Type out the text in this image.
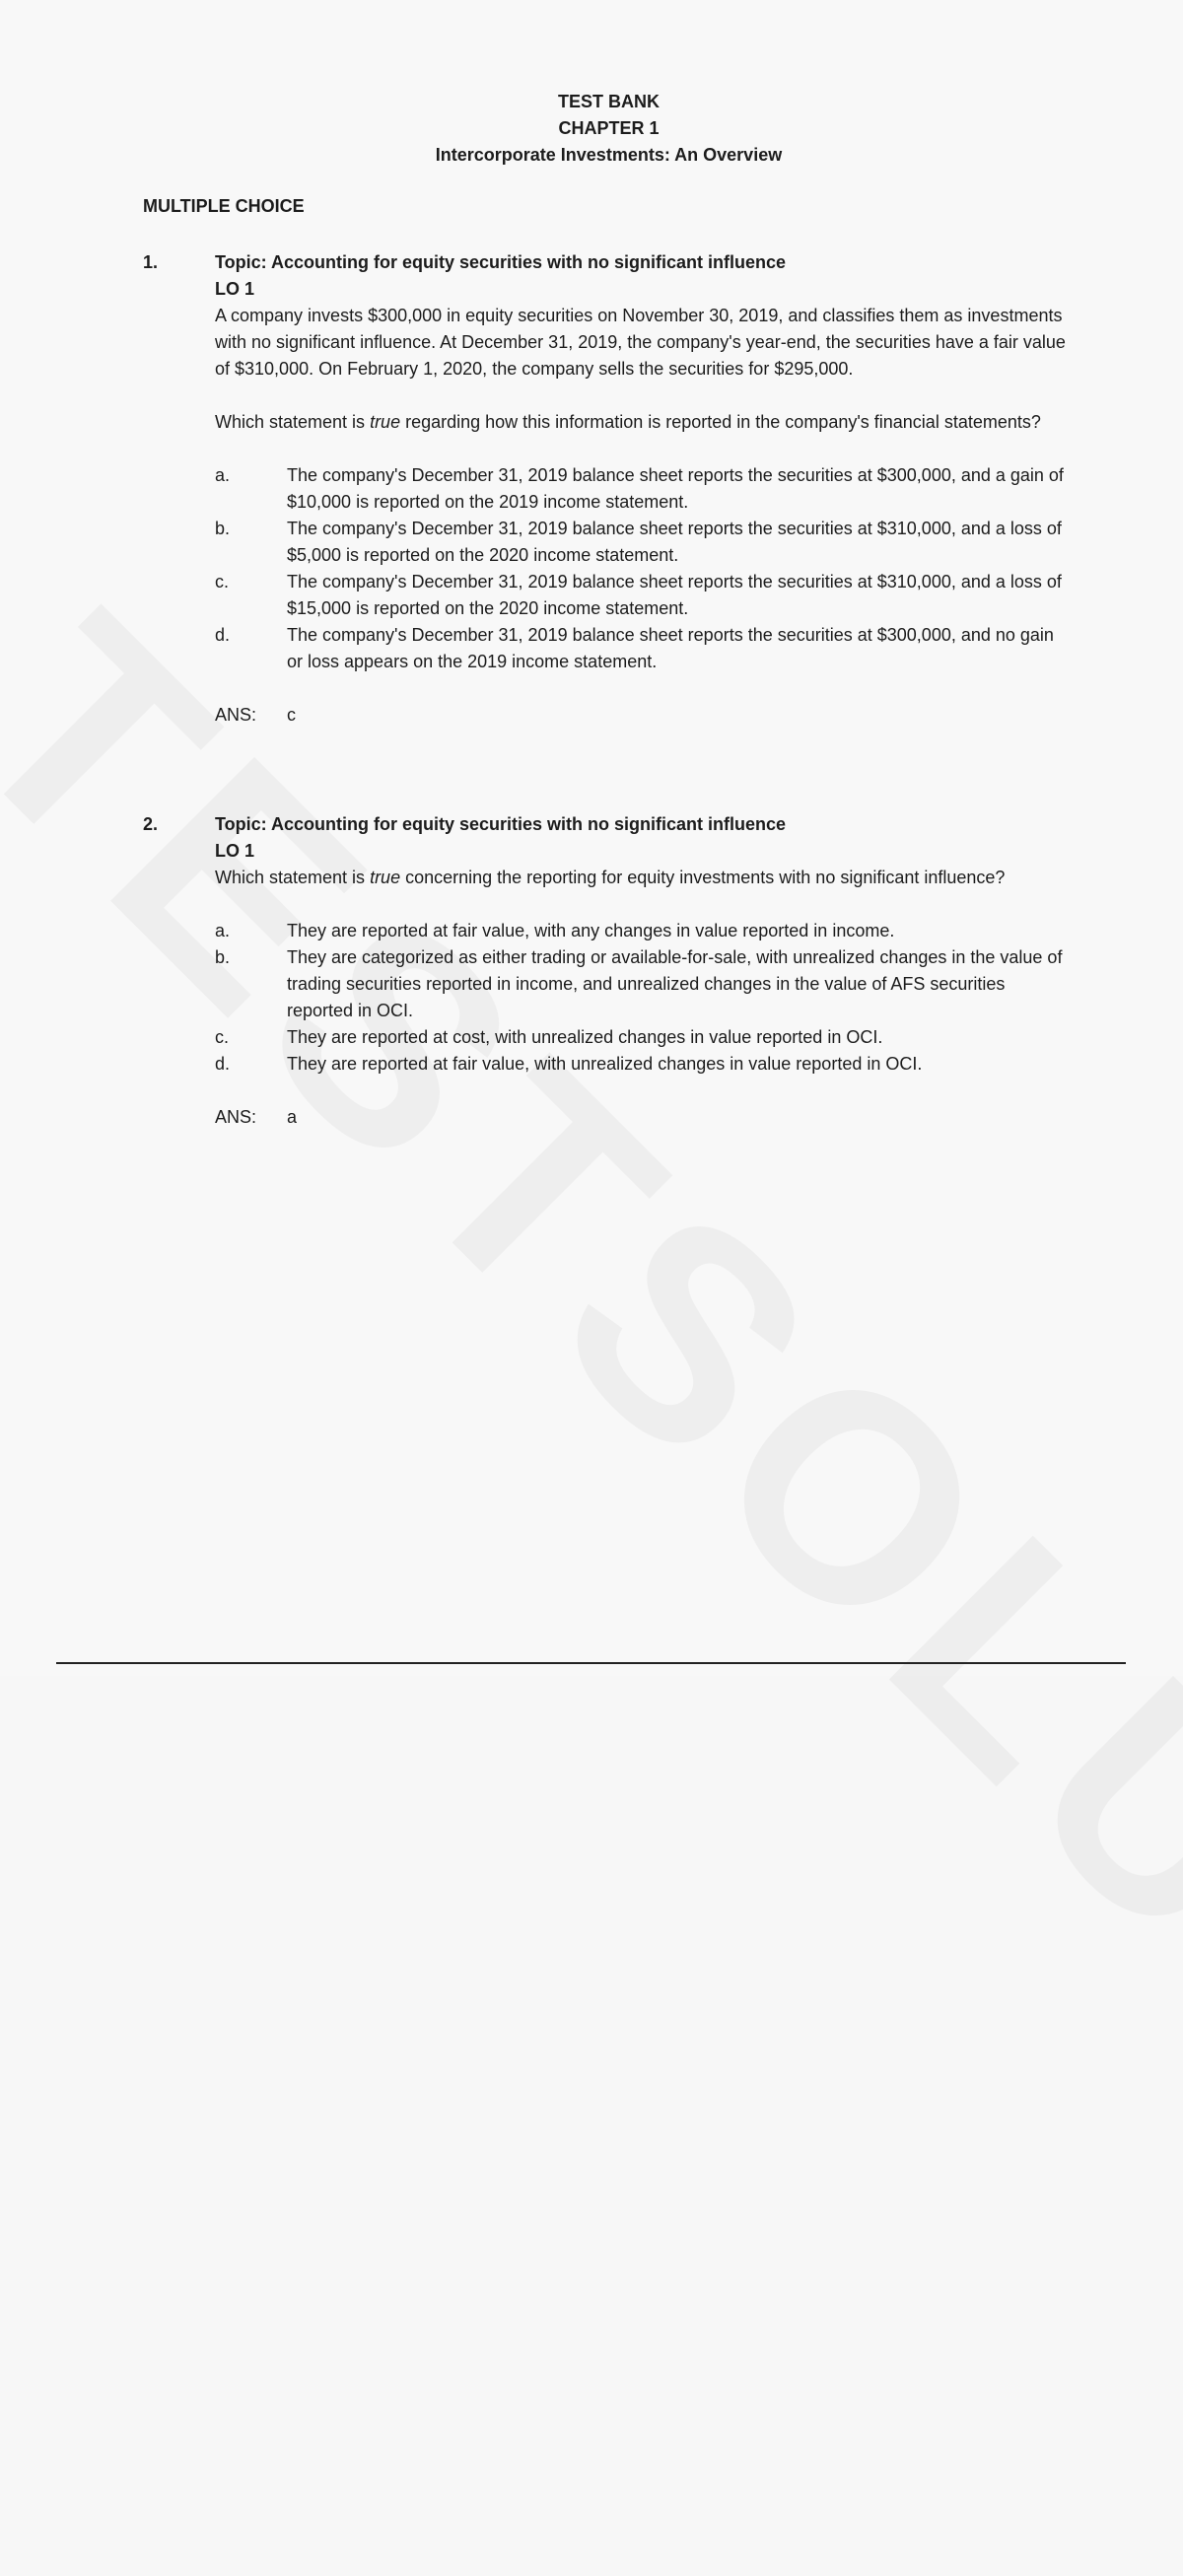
TEST BANK
CHAPTER 1
Intercorporate Investments: An Overview
MULTIPLE CHOICE
1.	Topic: Accounting for equity securities with no significant influence
LO 1

A company invests $300,000 in equity securities on November 30, 2019, and classifies them as investments with no significant influence. At December 31, 2019, the company's year-end, the securities have a fair value of $310,000. On February 1, 2020, the company sells the securities for $295,000.

Which statement is true regarding how this information is reported in the company's financial statements?

a.	The company's December 31, 2019 balance sheet reports the securities at $300,000, and a gain of $10,000 is reported on the 2019 income statement.
b.	The company's December 31, 2019 balance sheet reports the securities at $310,000, and a loss of $5,000 is reported on the 2020 income statement.
c.	The company's December 31, 2019 balance sheet reports the securities at $310,000, and a loss of $15,000 is reported on the 2020 income statement.
d.	The company's December 31, 2019 balance sheet reports the securities at $300,000, and no gain or loss appears on the 2019 income statement.
ANS:	c
2.	Topic: Accounting for equity securities with no significant influence
LO 1

Which statement is true concerning the reporting for equity investments with no significant influence?

a.	They are reported at fair value, with any changes in value reported in income.
b.	They are categorized as either trading or available-for-sale, with unrealized changes in the value of trading securities reported in income, and unrealized changes in the value of AFS securities reported in OCI.
c.	They are reported at cost, with unrealized changes in value reported in OCI.
d.	They are reported at fair value, with unrealized changes in value reported in OCI.
ANS:	a
